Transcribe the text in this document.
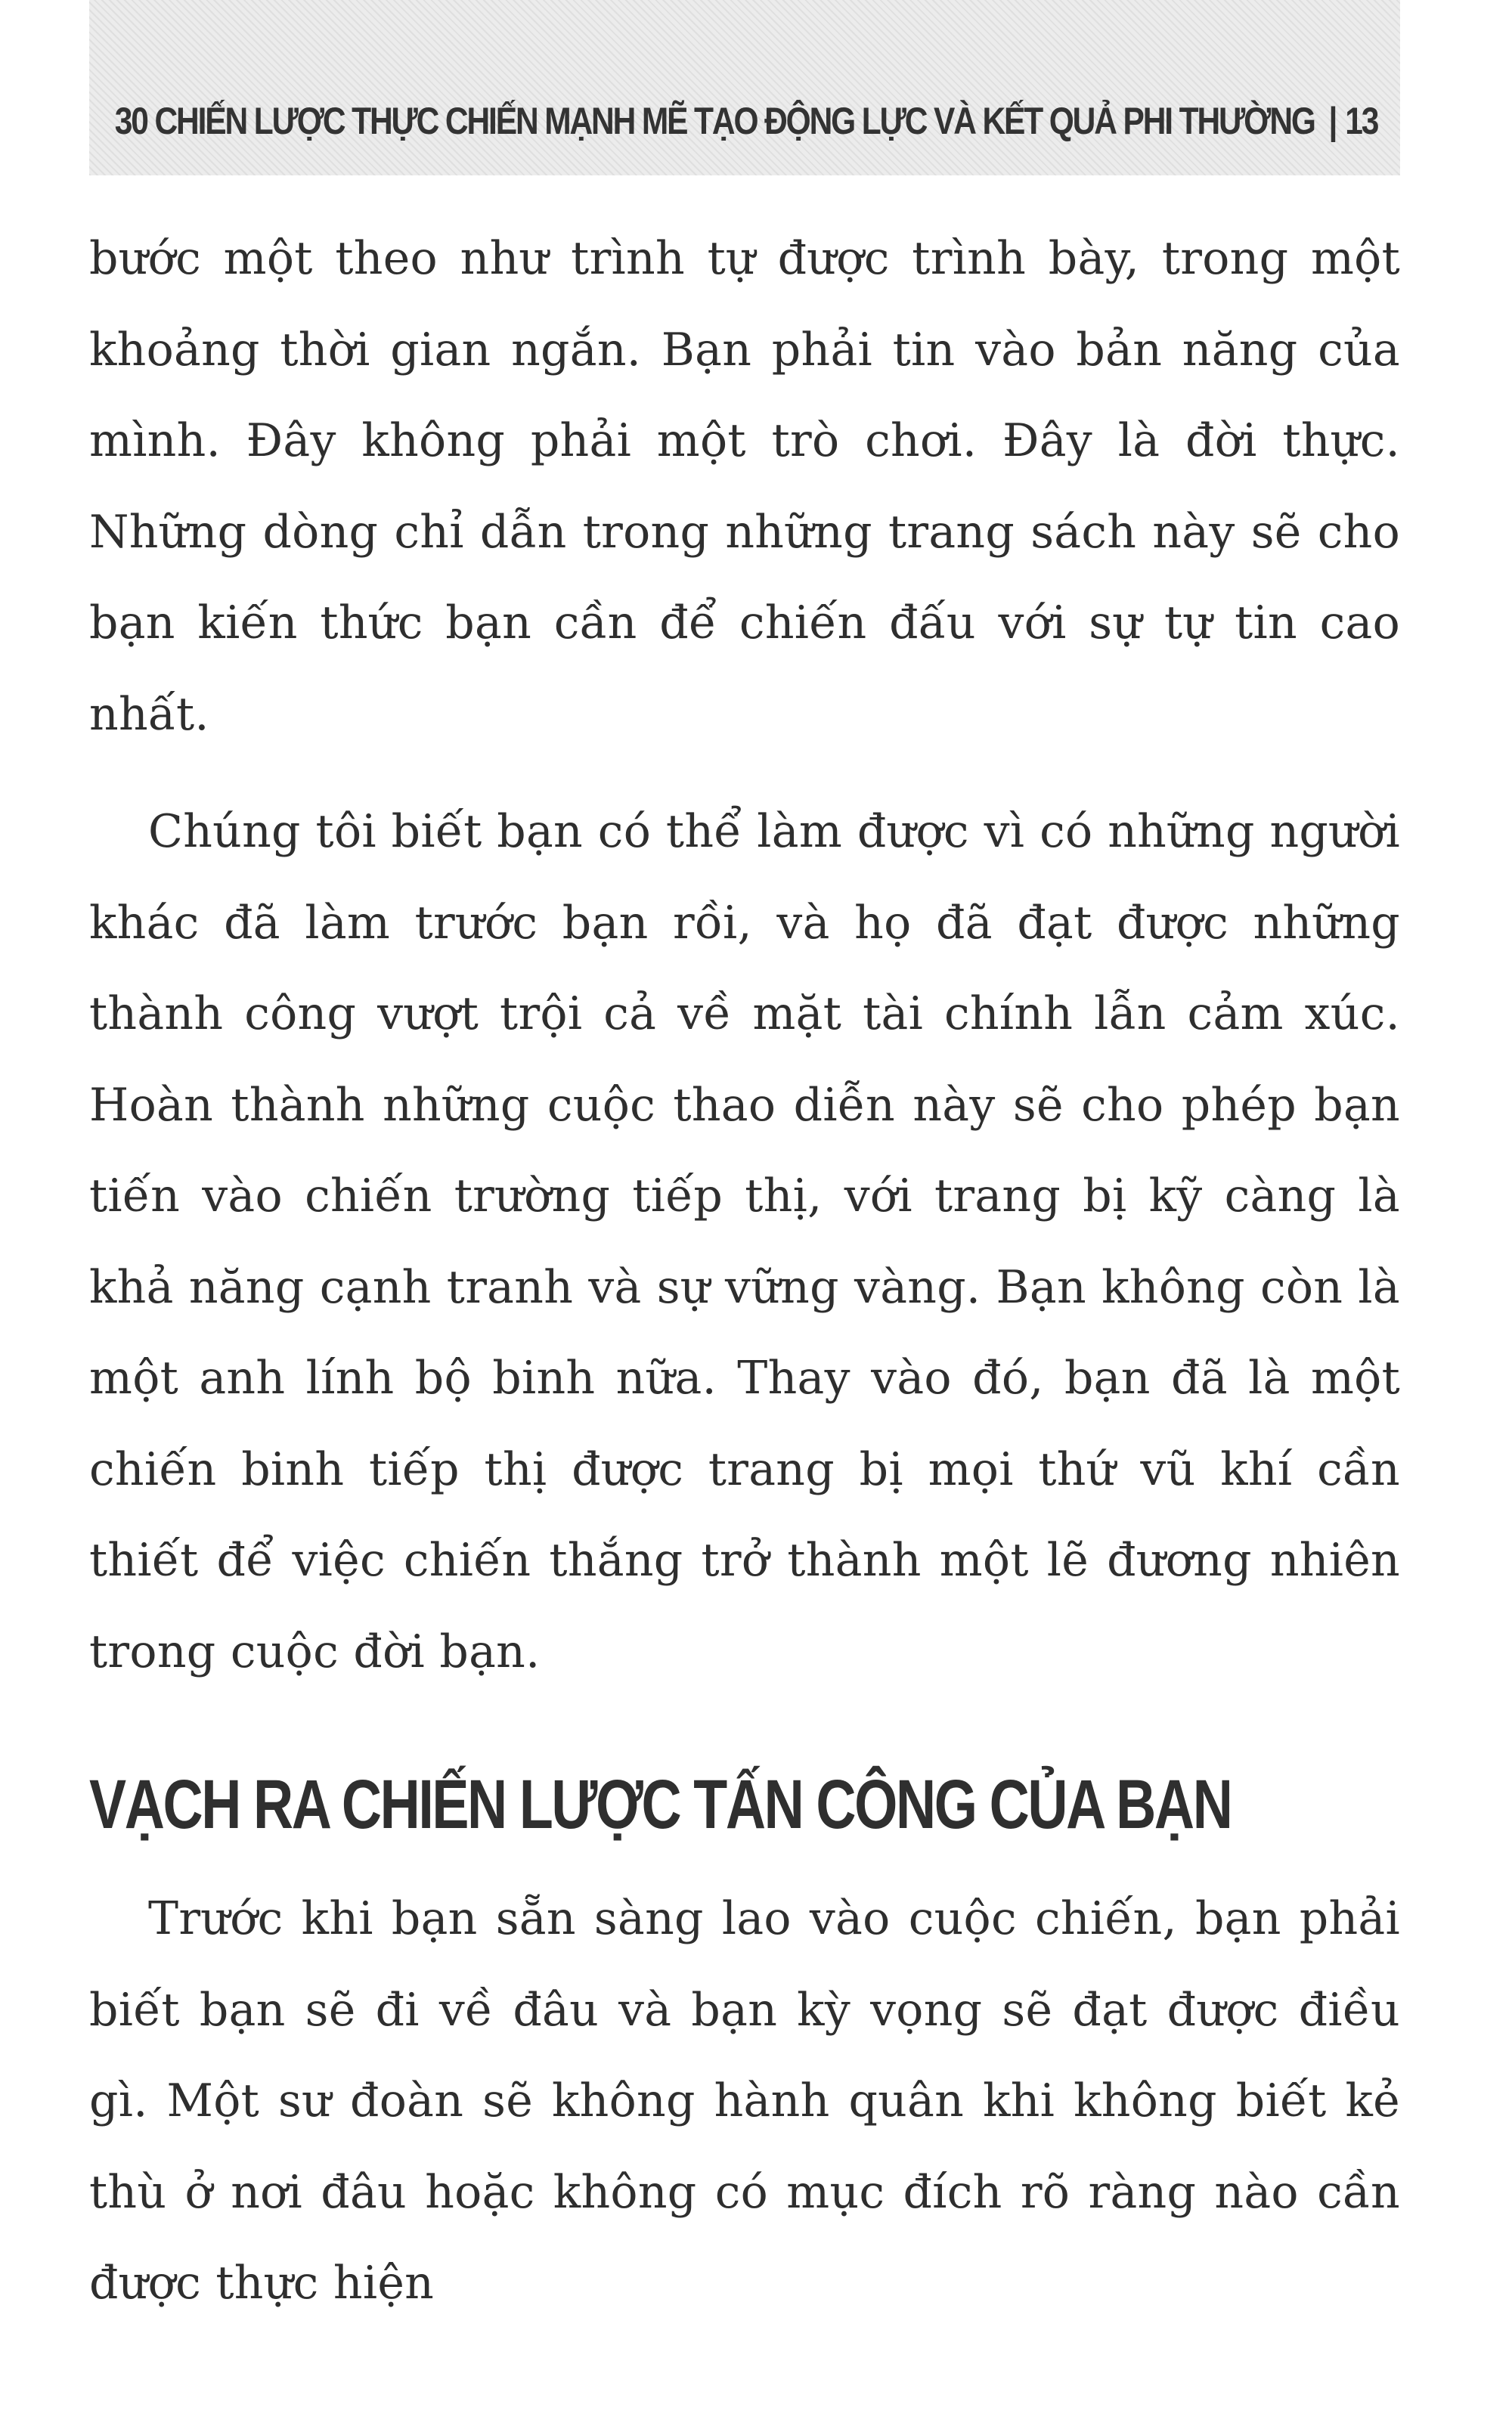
30 CHIẾN LƯỢC THỰC CHIẾN MẠNH MẼ TẠO ĐỘNG LỰC VÀ KẾT QUẢ PHI THƯỜNG | 13

bước một theo như trình tự được trình bày, trong một khoảng thời gian ngắn. Bạn phải tin vào bản năng của mình. Đây không phải một trò chơi. Đây là đời thực. Những dòng chỉ dẫn trong những trang sách này sẽ cho bạn kiến thức bạn cần để chiến đấu với sự tự tin cao nhất.

Chúng tôi biết bạn có thể làm được vì có những người khác đã làm trước bạn rồi, và họ đã đạt được những thành công vượt trội cả về mặt tài chính lẫn cảm xúc. Hoàn thành những cuộc thao diễn này sẽ cho phép bạn tiến vào chiến trường tiếp thị, với trang bị kỹ càng là khả năng cạnh tranh và sự vững vàng. Bạn không còn là một anh lính bộ binh nữa. Thay vào đó, bạn đã là một chiến binh tiếp thị được trang bị mọi thứ vũ khí cần thiết để việc chiến thắng trở thành một lẽ đương nhiên trong cuộc đời bạn.

VẠCH RA CHIẾN LƯỢC TẤN CÔNG CỦA BẠN

Trước khi bạn sẵn sàng lao vào cuộc chiến, bạn phải biết bạn sẽ đi về đâu và bạn kỳ vọng sẽ đạt được điều gì. Một sư đoàn sẽ không hành quân khi không biết kẻ thù ở nơi đâu hoặc không có mục đích rõ ràng nào cần được thực hiện
